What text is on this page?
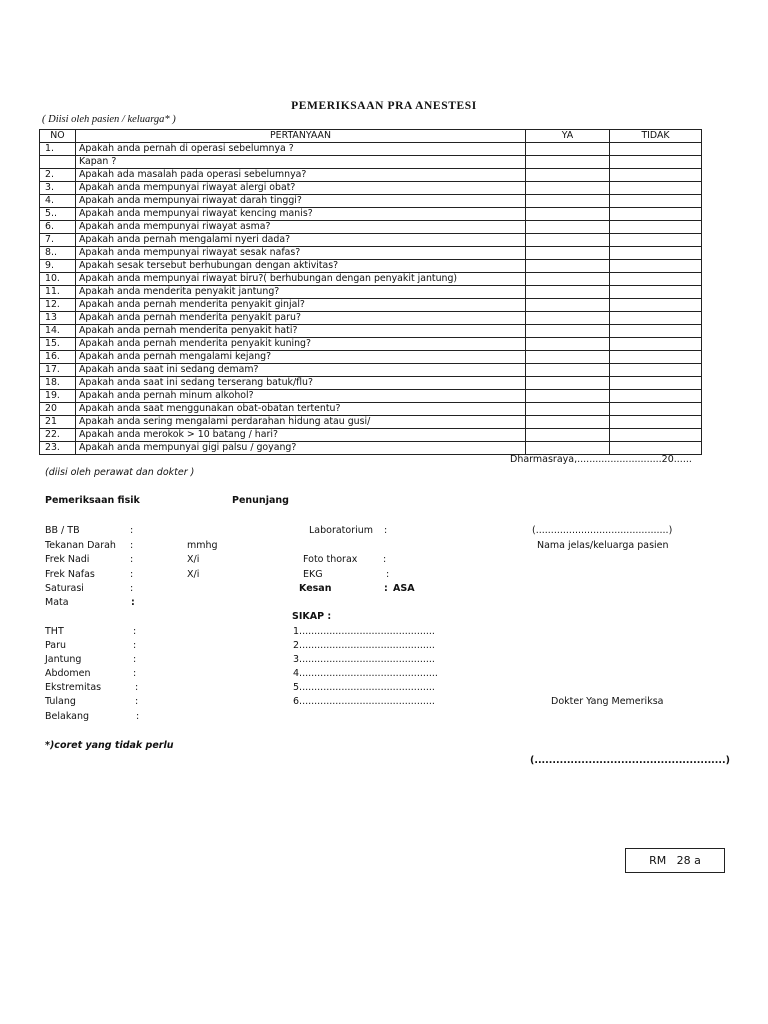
PEMERIKSAAN PRA ANESTESI
( Diisi oleh pasien / keluarga* )
NO	PERTANYAAN	YA	TIDAK
1.	Apakah anda pernah di operasi sebelumnya ?		
	Kapan ?		
2.	Apakah ada masalah pada operasi sebelumnya?		
3.	Apakah anda mempunyai riwayat alergi obat?		
4.	Apakah anda mempunyai riwayat darah tinggi?		
5..	Apakah anda mempunyai riwayat kencing manis?		
6.	Apakah anda mempunyai riwayat asma?		
7.	Apakah anda pernah mengalami nyeri dada?		
8..	Apakah anda mempunyai riwayat sesak nafas?		
9.	Apakah sesak tersebut berhubungan dengan aktivitas?		
10.	Apakah anda mempunyai riwayat biru?( berhubungan dengan penyakit jantung)		
11.	Apakah anda menderita penyakit jantung?		
12.	Apakah anda pernah menderita penyakit ginjal?		
13	Apakah anda pernah menderita penyakit paru?		
14.	Apakah anda pernah menderita penyakit hati?		
15.	Apakah anda pernah menderita penyakit kuning?		
16.	Apakah anda pernah mengalami kejang?		
17.	Apakah anda saat ini sedang demam?		
18.	Apakah anda saat ini sedang terserang batuk/flu?		
19.	Apakah anda pernah minum alkohol?		
20	Apakah anda saat menggunakan obat-obatan tertentu?		
21	Apakah anda sering mengalami perdarahan hidung atau gusi/		
22.	Apakah anda merokok > 10 batang / hari?		
23.	Apakah anda mempunyai gigi palsu / goyang?		
Dharmasraya,............................20......
(diisi oleh perawat dan dokter )
Pemeriksaan fisik	Penunjang
BB / TB	:
Tekanan Darah :	mmhg
Frek Nadi	:	X/i
Frek Nafas	:	X/i
Saturasi	:
Mata	:
THT	:
Paru	:
Jantung	:
Abdomen	:
Ekstremitas	:
Tulang	:
Belakang	:
Laboratorium :
Foto thorax	:
EKG	:
Kesan	: ASA
SIKAP :
1.............................................
2.............................................
3.............................................
4..............................................
5.............................................
6.............................................
(............................................)
Nama jelas/keluarga pasien
Dokter Yang Memeriksa
(.....................................................)
*)coret yang tidak perlu
RM   28 a
